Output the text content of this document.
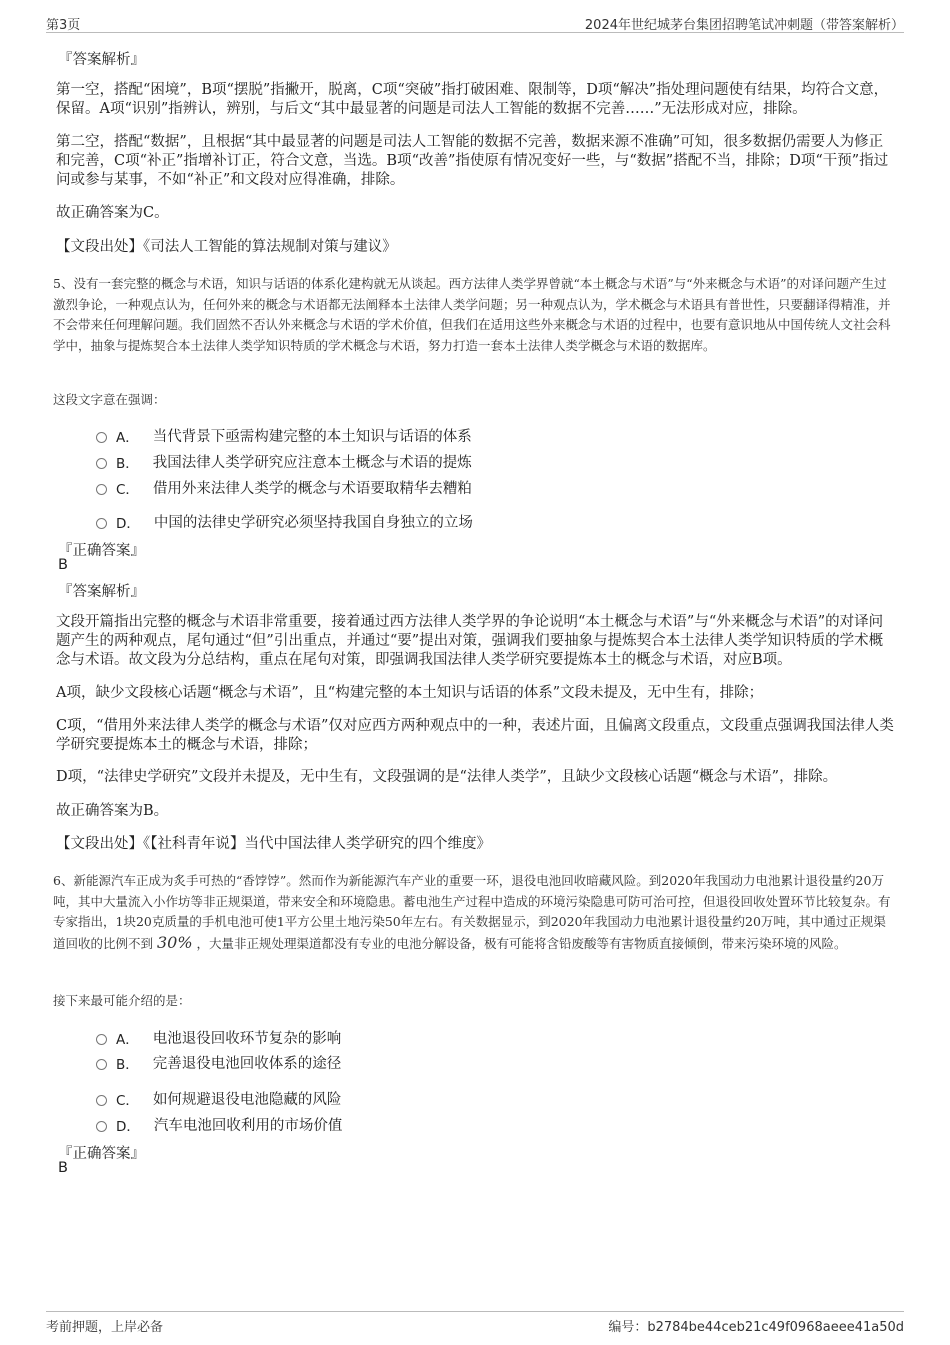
第3页	2024年世纪城茅台集团招聘笔试冲刺题（带答案解析）
『答案解析』

第一空，搭配“困境”，B项“摆脱”指撇开，脱离，C项“突破”指打破困难、限制等，D项“解决”指处理问题使有结果，均符合文意，保留。A项“识别”指辨认，辨别，与后文“其中最显著的问题是司法人工智能的数据不完善……”无法形成对应，排除。

第二空，搭配“数据”，且根据“其中最显著的问题是司法人工智能的数据不完善，数据来源不准确”可知，很多数据仍需要人为修正和完善，C项“补正”指增补订正，符合文意，当选。B项“改善”指使原有情况变好一些，与“数据”搭配不当，排除；D项“干预”指过问或参与某事，不如“补正”和文段对应得准确，排除。

故正确答案为C。

【文段出处】《司法人工智能的算法规制对策与建议》

5、没有一套完整的概念与术语，知识与话语的体系化建构就无从谈起。西方法律人类学界曾就“本土概念与术语”与“外来概念与术语”的对译问题产生过激烈争论，一种观点认为，任何外来的概念与术语都无法阐释本土法律人类学问题；另一种观点认为，学术概念与术语具有普世性，只要翻译得精准，并不会带来任何理解问题。我们固然不否认外来概念与术语的学术价值，但我们在适用这些外来概念与术语的过程中，也要有意识地从中国传统人文社会科学中，抽象与提炼契合本土法律人类学知识特质的学术概念与术语，努力打造一套本土法律人类学概念与术语的数据库。
这段文字意在强调：
A． 当代背景下亟需构建完整的本土知识与话语的体系
B． 我国法律人类学研究应注意本土概念与术语的提炼
C． 借用外来法律人类学的概念与术语要取精华去糟粕
D． 中国的法律史学研究必须坚持我国自身独立的立场
『正确答案』
B
『答案解析』

文段开篇指出完整的概念与术语非常重要，接着通过西方法律人类学界的争论说明“本土概念与术语”与“外来概念与术语”的对译问题产生的两种观点，尾句通过“但”引出重点，并通过“要”提出对策，强调我们要抽象与提炼契合本土法律人类学知识特质的学术概念与术语。故文段为分总结构，重点在尾句对策，即强调我国法律人类学研究要提炼本土的概念与术语，对应B项。

A项，缺少文段核心话题“概念与术语”，且“构建完整的本土知识与话语的体系”文段未提及，无中生有，排除；

C项，“借用外来法律人类学的概念与术语”仅对应西方两种观点中的一种，表述片面，且偏离文段重点，文段重点强调我国法律人类学研究要提炼本土的概念与术语，排除；

D项，“法律史学研究”文段并未提及，无中生有，文段强调的是“法律人类学”，且缺少文段核心话题“概念与术语”，排除。

故正确答案为B。

【文段出处】《【社科青年说】当代中国法律人类学研究的四个维度》

6、新能源汽车正成为炙手可热的“香饽饽”。然而作为新能源汽车产业的重要一环，退役电池回收暗藏风险。到2020年我国动力电池累计退役量约20万吨，其中大量流入小作坊等非正规渠道，带来安全和环境隐患。蓄电池生产过程中造成的环境污染隐患可防可治可控，但退役回收处置环节比较复杂。有专家指出，1块20克质量的手机电池可使1平方公里土地污染50年左右。有关数据显示，到2020年我国动力电池累计退役量约20万吨，其中通过正规渠道回收的比例不到 30% ，大量非正规处理渠道都没有专业的电池分解设备，极有可能将含铅废酸等有害物质直接倾倒，带来污染环境的风险。
接下来最可能介绍的是：
A． 电池退役回收环节复杂的影响
B． 完善退役电池回收体系的途径
C． 如何规避退役电池隐藏的风险
D． 汽车电池回收利用的市场价值
『正确答案』
B
考前押题，上岸必备	编号：b2784be44ceb21c49f0968aeee41a50d
